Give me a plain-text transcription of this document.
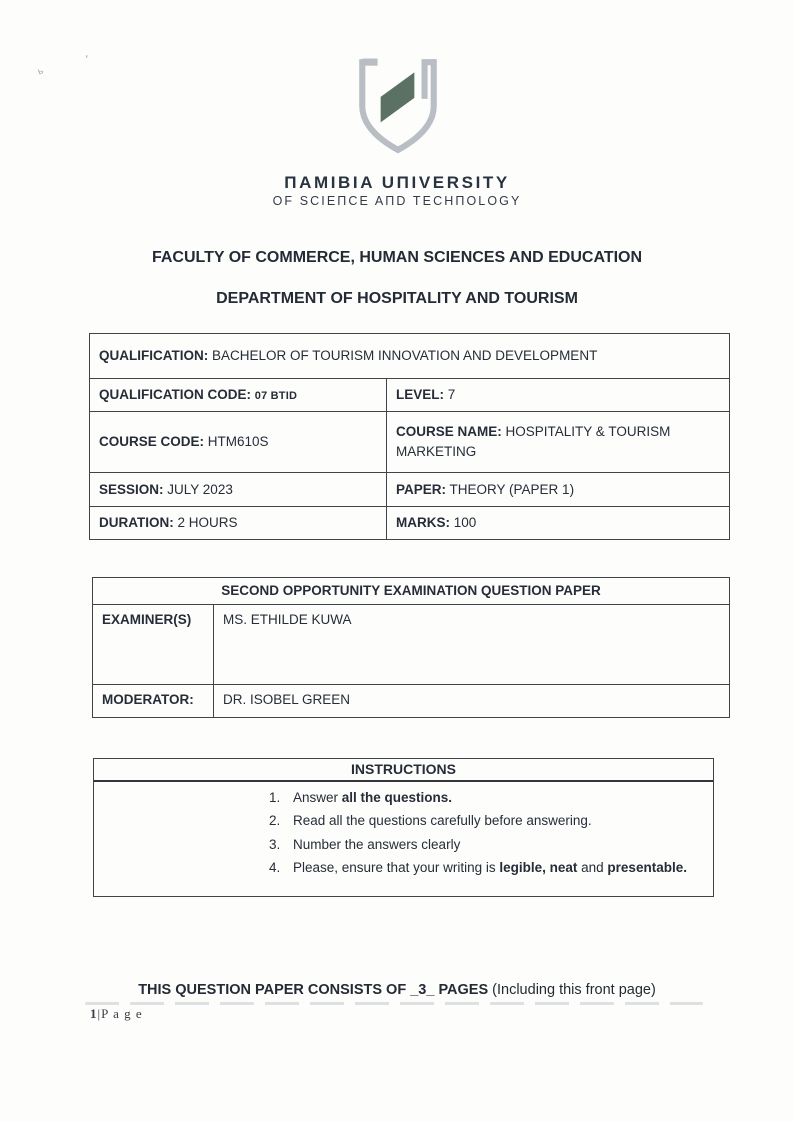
’
ь​
ΠAMIBIA UΠIVERSITY
OF SCIEΠCE AΠD TECHΠOLOGY
FACULTY OF COMMERCE, HUMAN SCIENCES AND EDUCATION
DEPARTMENT OF HOSPITALITY AND TOURISM
QUALIFICATION: BACHELOR OF TOURISM INNOVATION AND DEVELOPMENT	
QUALIFICATION CODE: 07 BTID	LEVEL: 7
COURSE CODE: HTM610S	COURSE NAME: HOSPITALITY & TOURISM MARKETING
SESSION: JULY 2023	PAPER: THEORY (PAPER 1)
DURATION: 2 HOURS	MARKS: 100
SECOND OPPORTUNITY EXAMINATION QUESTION PAPER	
EXAMINER(S)	MS. ETHILDE KUWA
MODERATOR:	DR. ISOBEL GREEN
INSTRUCTIONS
1. Answer all the questions.
2. Read all the questions carefully before answering.
3. Number the answers clearly
4. Please, ensure that your writing is legible, neat and presentable.
THIS QUESTION PAPER CONSISTS OF _3_ PAGES (Including this front page)
1|P a g e
